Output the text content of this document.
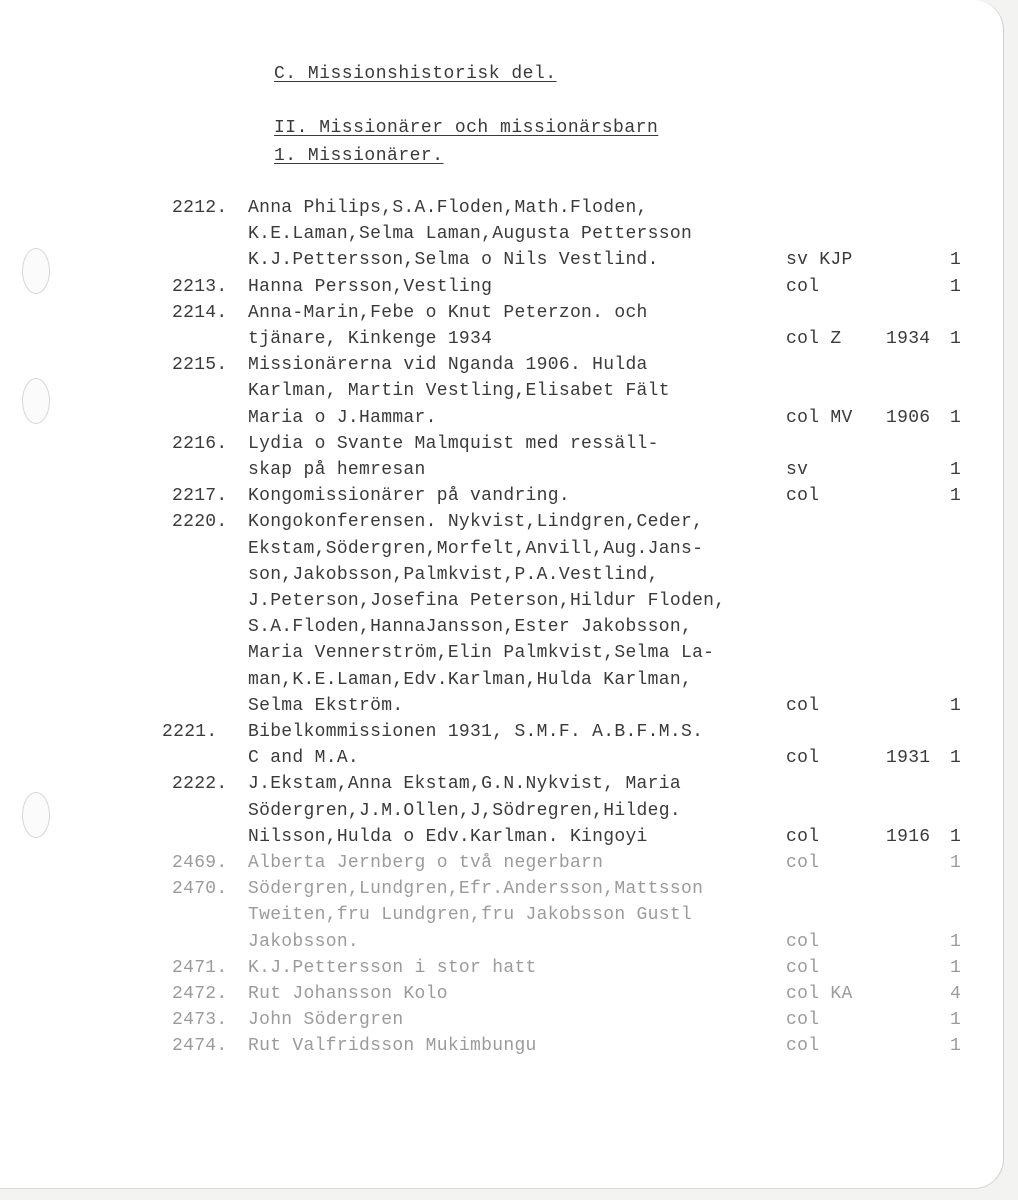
C. Missionshistorisk del.
II. Missionärer och missionärsbarn
1. Missionärer.
2212. Anna Philips,S.A.Floden,Math.Floden,
K.E.Laman,Selma Laman,Augusta Pettersson
K.J.Pettersson,Selma o Nils Vestlind.	sv KJP	1
2213. Hanna Persson,Vestling	col	1
2214. Anna-Marin,Febe o Knut Peterzon. och
tjänare, Kinkenge 1934	col Z 1934 1
2215. Missionärerna vid Nganda 1906. Hulda
Karlman, Martin Vestling,Elisabet Fält
Maria o J.Hammar.	col MV 1906 1
2216. Lydia o Svante Malmquist med ressäll-
skap på hemresan	sv	1
2217. Kongomissionärer på vandring.	col	1
2220. Kongokonferensen. Nykvist,Lindgren,Ceder,
Ekstam,Södergren,Morfelt,Anvill,Aug.Jans-
son,Jakobsson,Palmkvist,P.A.Vestlind,
J.Peterson,Josefina Peterson,Hildur Floden,
S.A.Floden,HannaJansson,Ester Jakobsson,
Maria Vennerström,Elin Palmkvist,Selma La-
man,K.E.Laman,Edv.Karlman,Hulda Karlman,
Selma Ekström.	col	1
2221. Bibelkommissionen 1931, S.M.F. A.B.F.M.S.
C and M.A.	col	1931 1
2222. J.Ekstam,Anna Ekstam,G.N.Nykvist, Maria
Södergren,J.M.Ollen,J,Södregren,Hildeg.
Nilsson,Hulda o Edv.Karlman. Kingoyi	col	1916 1
2469. Alberta Jernberg o två negerbarn	col	1
2470. Södergren,Lundgren,Efr.Andersson,Mattsson
Tweiten,fru Lundgren,fru Jakobsson Gustl
Jakobsson.	col	1
2471. K.J.Pettersson i stor hatt	col	1
2472. Rut Johansson Kolo	col KA	4
2473. John Södergren	col	1
2474. Rut Valfridsson Mukimbungu	col	1
